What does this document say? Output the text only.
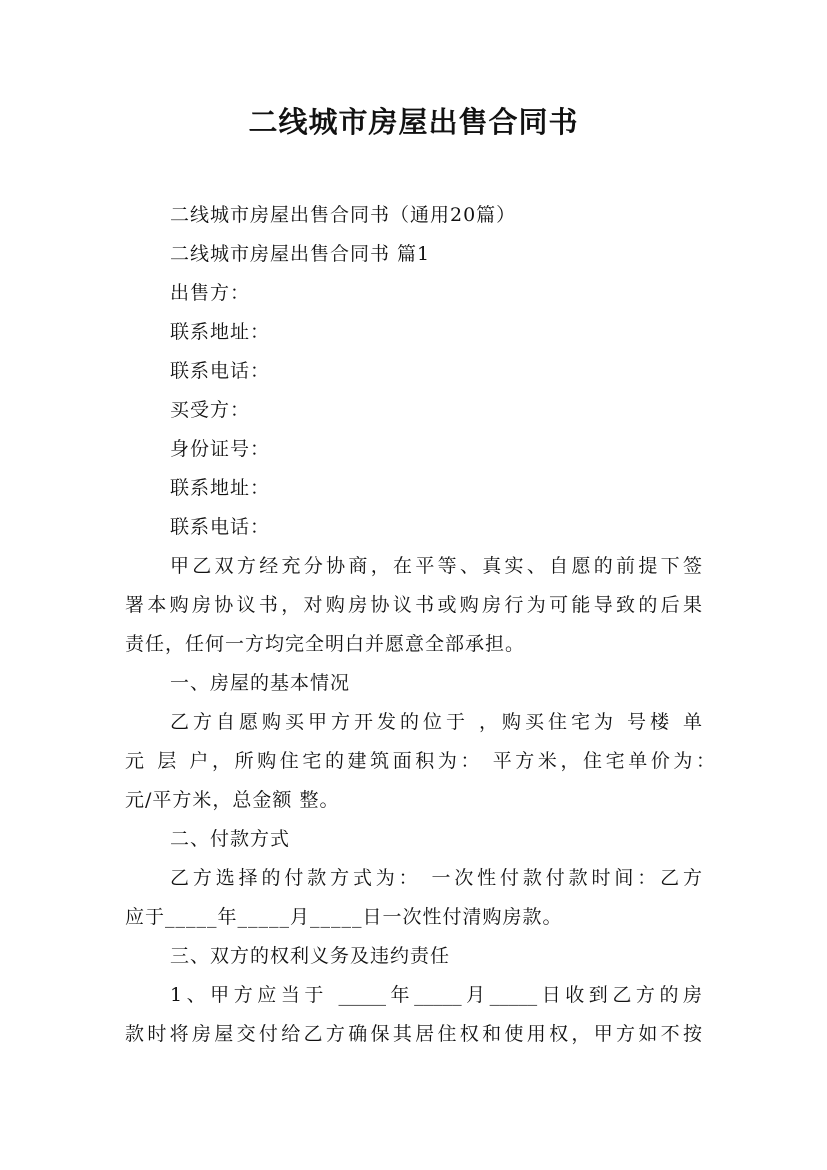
二线城市房屋出售合同书
二线城市房屋出售合同书（通用20篇）
二线城市房屋出售合同书 篇1
出售方：
联系地址：
联系电话：
买受方：
身份证号：
联系地址：
联系电话：
甲乙双方经充分协商，在平等、真实、自愿的前提下签
署本购房协议书，对购房协议书或购房行为可能导致的后果
责任，任何一方均完全明白并愿意全部承担。
一、房屋的基本情况
乙方自愿购买甲方开发的位于 ，购买住宅为 号楼 单
元 层 户，所购住宅的建筑面积为： 平方米，住宅单价为：
元/平方米，总金额 整。
二、付款方式
乙方选择的付款方式为： 一次性付款付款时间：乙方
应于_____年_____月_____日一次性付清购房款。
三、双方的权利义务及违约责任
1、甲方应当于 _____年_____月_____日收到乙方的房
款时将房屋交付给乙方确保其居住权和使用权，甲方如不按
